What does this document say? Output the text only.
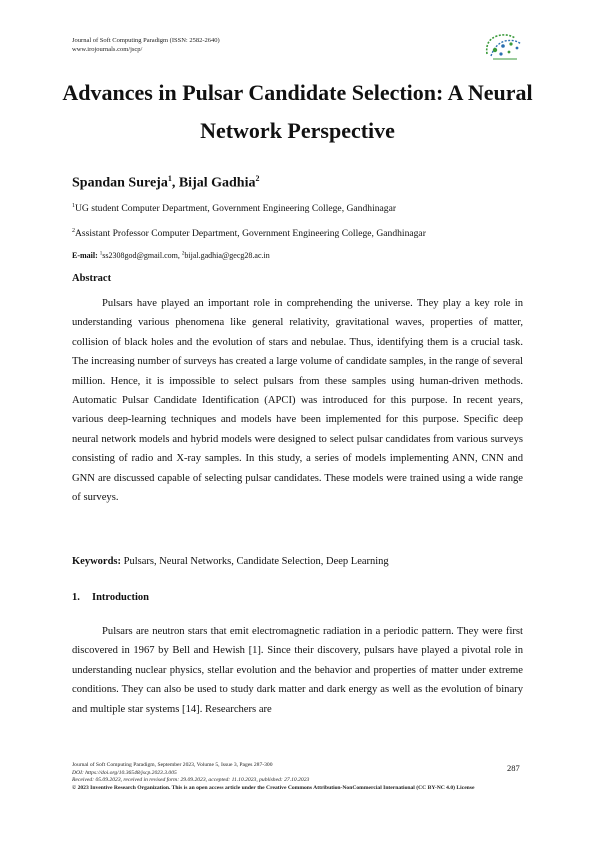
Journal of Soft Computing Paradigm (ISSN: 2582-2640)
www.irojournals.com/jscp/
Advances in Pulsar Candidate Selection: A Neural Network Perspective
Spandan Sureja$^1$, Bijal Gadhia$^2$
$^1$UG student Computer Department, Government Engineering College, Gandhinagar
$^2$Assistant Professor Computer Department, Government Engineering College, Gandhinagar
E-mail: $^1$ss2308god@gmail.com, $^2$bijal.gadhia@gecg28.ac.in
Abstract

Pulsars have played an important role in comprehending the universe. They play a key role in understanding various phenomena like general relativity, gravitational waves, properties of matter, collision of black holes and the evolution of stars and nebulae. Thus, identifying them is a crucial task. The increasing number of surveys has created a large volume of candidate samples, in the range of several million. Hence, it is impossible to select pulsars from these samples using human-driven methods. Automatic Pulsar Candidate Identification (APCI) was introduced for this purpose. In recent years, various deep-learning techniques and models have been implemented for this purpose. Specific deep neural network models and hybrid models were designed to select pulsar candidates from various surveys consisting of radio and X-ray samples. In this study, a series of models implementing ANN, CNN and GNN are discussed capable of selecting pulsar candidates. These models were trained using a wide range of surveys.

Keywords: Pulsars, Neural Networks, Candidate Selection, Deep Learning
1. Introduction

Pulsars are neutron stars that emit electromagnetic radiation in a periodic pattern. They were first discovered in 1967 by Bell and Hewish [1]. Since their discovery, pulsars have played a pivotal role in understanding nuclear physics, stellar evolution and the behavior and properties of matter under extreme conditions. They can also be used to study dark matter and dark energy as well as the evolution of binary and multiple star systems [14]. Researchers are

Journal of Soft Computing Paradigm, September 2023, Volume 5, Issue 3, Pages 287-300
DOI: https://doi.org/10.36548/jscp.2023.3.005
Received: 05.09.2023, received in revised form: 29.09.2023, accepted: 11.10.2023, published: 27.10.2023
© 2023 Inventive Research Organization. This is an open access article under the Creative Commons Attribution-NonCommercial International (CC BY-NC 4.0) License
287
